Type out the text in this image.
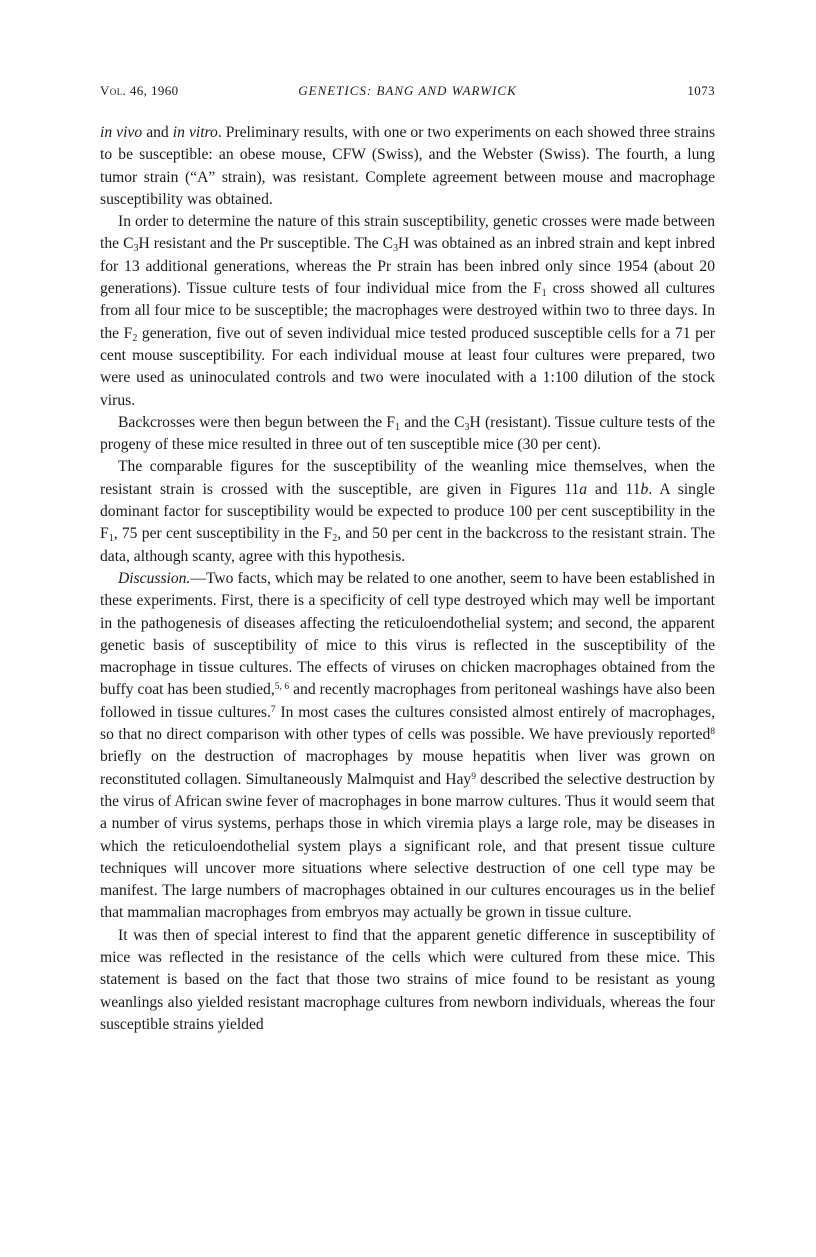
Vol. 46, 1960	GENETICS: BANG AND WARWICK	1073

in vivo and in vitro. Preliminary results, with one or two experiments on each showed three strains to be susceptible: an obese mouse, CFW (Swiss), and the Webster (Swiss). The fourth, a lung tumor strain (“A” strain), was resistant. Complete agreement between mouse and macrophage susceptibility was obtained.

In order to determine the nature of this strain susceptibility, genetic crosses were made between the $C_3H$ resistant and the Pr susceptible. The $C_3H$ was obtained as an inbred strain and kept inbred for 13 additional generations, whereas the Pr strain has been inbred only since 1954 (about 20 generations). Tissue culture tests of four individual mice from the $F_1$ cross showed all cultures from all four mice to be susceptible; the macrophages were destroyed within two to three days. In the $F_2$ generation, five out of seven individual mice tested produced susceptible cells for a 71 per cent mouse susceptibility. For each individual mouse at least four cultures were prepared, two were used as uninoculated controls and two were inoculated with a 1:100 dilution of the stock virus.

Backcrosses were then begun between the $F_1$ and the $C_3H$ (resistant). Tissue culture tests of the progeny of these mice resulted in three out of ten susceptible mice (30 per cent).

The comparable figures for the susceptibility of the weanling mice themselves, when the resistant strain is crossed with the susceptible, are given in Figures 11a and 11b. A single dominant factor for susceptibility would be expected to produce 100 per cent susceptibility in the $F_1$, 75 per cent susceptibility in the $F_2$, and 50 per cent in the backcross to the resistant strain. The data, although scanty, agree with this hypothesis.

Discussion.—Two facts, which may be related to one another, seem to have been established in these experiments. First, there is a specificity of cell type destroyed which may well be important in the pathogenesis of diseases affecting the reticuloendothelial system; and second, the apparent genetic basis of susceptibility of mice to this virus is reflected in the susceptibility of the macrophage in tissue cultures. The effects of viruses on chicken macrophages obtained from the buffy coat has been studied,$^{5, 6}$ and recently macrophages from peritoneal washings have also been followed in tissue cultures.$^7$ In most cases the cultures consisted almost entirely of macrophages, so that no direct comparison with other types of cells was possible. We have previously reported$^8$ briefly on the destruction of macrophages by mouse hepatitis when liver was grown on reconstituted collagen. Simultaneously Malmquist and Hay$^9$ described the selective destruction by the virus of African swine fever of macrophages in bone marrow cultures. Thus it would seem that a number of virus systems, perhaps those in which viremia plays a large role, may be diseases in which the reticuloendothelial system plays a significant role, and that present tissue culture techniques will uncover more situations where selective destruction of one cell type may be manifest. The large numbers of macrophages obtained in our cultures encourages us in the belief that mammalian macrophages from embryos may actually be grown in tissue culture.

It was then of special interest to find that the apparent genetic difference in susceptibility of mice was reflected in the resistance of the cells which were cultured from these mice. This statement is based on the fact that those two strains of mice found to be resistant as young weanlings also yielded resistant macrophage cultures from newborn individuals, whereas the four susceptible strains yielded
